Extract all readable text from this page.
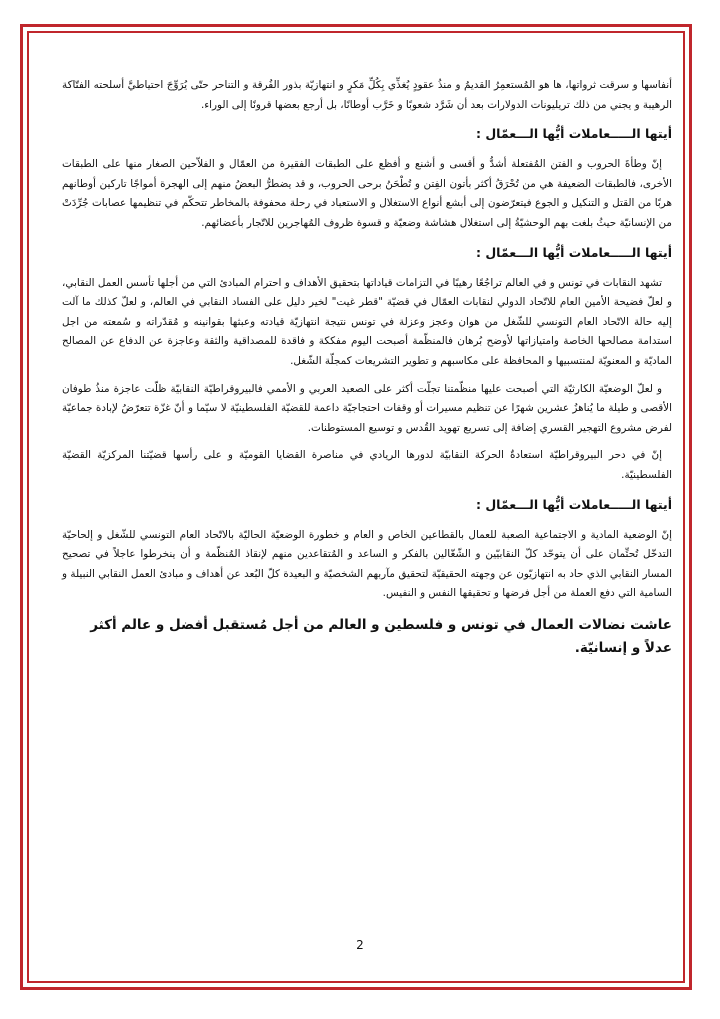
أنفاسها و سرقت ثرواتها، ها هو المُستعمِرُ القديمُ و منذُ عقودٍ يُغذِّي بِكُلِّ مَكرٍ و انتهازيّة بذور الفُرقة و التناحر حتّى يُرَوِّجَ احتياطيَّ أسلحته الفتّاكة الرهيبة و يجني من ذلك تريليونات الدولارات بعد أن شَرَّد شعوبًا و خَرَّب أوطانًا، بل أرجع بعضها قرونًا إلى الوراء.

أيتها الـــــعاملات أيُّها الـــعمّال :

إنّ وطأةَ الحروب و الفتن المُفتعلة أشدُّ و أقسى و أشنع و أفظع على الطبقات الفقيرة من العمّال و الفلاّحين الصغار منها على الطبقات الأخرى، فالطبقات الضعيفة هي من تُحْرَقُ أكثر بأتون الفِتن و تُطْحَنُ برحى الحروب، و قد يضطرُّ البعضُ منهم إلى الهجرة أمواجًا تاركين أوطانهم هربًا من القتل و التنكيل و الجوع فيتعرّضون إلى أبشع أنواع الاستغلال و الاستعباد في رحلة محفوفة بالمخاطر تتحكّم في تنظيمها عصابات جُرِّدَتْ من الإنسانيّة حيثُ بلغت بهم الوحشيّةُ إلى استغلال هشاشة وضعيّة و قسوة ظروف المُهاجرين للاتّجار بأعضائهم.

أيتها الـــــعاملات أيُّها الـــعمّال :

تشهد النقابات في تونس و في العالم تراجُعًا رهيبًا في التزامات قياداتها بتحقيق الأهداف و احترام المبادئ التي من أجلها تأسس العمل النقابي، و لعلّ فضيحة الأمين العام للاتّحاد الدولي لنقابات العمّال في قضيّة "قطر غيت" لخير دليل على الفساد النقابي في العالم، و لعلّ كذلك ما آلت إليه حالة الاتّحاد العام التونسي للشّغل من هوان وعجز وعزلة في تونس نتيجة انتهازيّة قيادته وعبثها بقوانينه و مُقدّراته و سُمعته من اجل استدامة مصالحها الخاصة وامتيازاتها لأوضح بُرهان فالمنظّمة أصبحت اليوم مفككة و فاقدة للمصداقية والثقة وعاجزة عن الدفاع عن المصالح الماديّة و المعنويّة لمنتسبيها و المحافظة على مكاسبهم و تطوير التشريعات كمجلّة الشّغل.

و لعلّ الوضعيّة الكارثيّة التي أصبحت عليها منظّمتنا تجلّت أكثر على الصعيد العربي و الأممي فالبيروقراطيّة النقابيّة ظلّت عاجزة منذُ طوفان الأقصى و طيلة ما يُناهزُ عشرين شهرًا عن تنظيم مسيرات أو وقفات احتجاجيّة داعمة للقضيّة الفلسطينيّة لا سيّما و أنّ غزّة تتعرّضُ لإبادة جماعيّة لفرض مشروع التهجير القسري إضافة إلى تسريع تهويد القُدس و توسيع المستوطنات.

إنّ في دحر البيروقراطيّة استعادةٌ الحركة النقابيّة لدورها الريادي في مناصرة القضايا القوميّة و على رأسها قضيّتنا المركزيّة القضيّة الفلسطينيّة.

أيتها الـــــعاملات أيُّها الـــعمّال :

إنّ الوضعية المادية و الاجتماعية الصعبة للعمال بالقطاعين الخاص و العام و خطورة الوضعيّة الحاليّة بالاتّحاد العام التونسي للشّغل و إلحاحيّة التدخّل تُحتِّمان على أن يتوحّد كلّ النقابيّين و الشّغّالين بالفكر و الساعد و المُتقاعدين منهم لإنقاذ المُنظّمة و أن ينخرطوا عاجلاً في تصحيح المسار النقابي الذي حاد به انتهازيّون عن وجهته الحقيقيّة لتحقيق مآربهم الشخصيّة و البعيدة كلّ البُعد عن أهداف و مبادئ العمل النقابي النبيلة و السامية التي دفع العملة من أجل فرضها و تحقيقها النفس و النفيس.

عاشت نضالات العمال في تونس و فلسطين و العالم من أجل مُستقبل أفضل و عالم أكثر عدلاً و إنسانيّة.

2
